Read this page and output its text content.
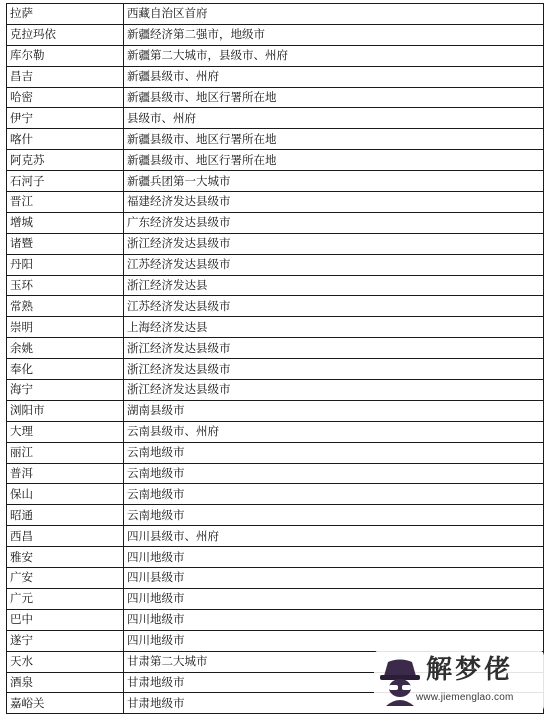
拉萨	西藏自治区首府
克拉玛依	新疆经济第二强市，地级市
库尔勒	新疆第二大城市，县级市、州府
昌吉	新疆县级市、州府
哈密	新疆县级市、地区行署所在地
伊宁	县级市、州府
喀什	新疆县级市、地区行署所在地
阿克苏	新疆县级市、地区行署所在地
石河子	新疆兵团第一大城市
晋江	福建经济发达县级市
增城	广东经济发达县级市
诸暨	浙江经济发达县级市
丹阳	江苏经济发达县级市
玉环	浙江经济发达县
常熟	江苏经济发达县级市
崇明	上海经济发达县
余姚	浙江经济发达县级市
奉化	浙江经济发达县级市
海宁	浙江经济发达县级市
浏阳市	湖南县级市
大理	云南县级市、州府
丽江	云南地级市
普洱	云南地级市
保山	云南地级市
昭通	云南地级市
西昌	四川县级市、州府
雅安	四川地级市
广安	四川县级市
广元	四川地级市
巴中	四川地级市
遂宁	四川地级市
天水	甘肃第二大城市
酒泉	甘肃地级市
嘉峪关	甘肃地级市
解梦佬
www.jiemenglao.com
